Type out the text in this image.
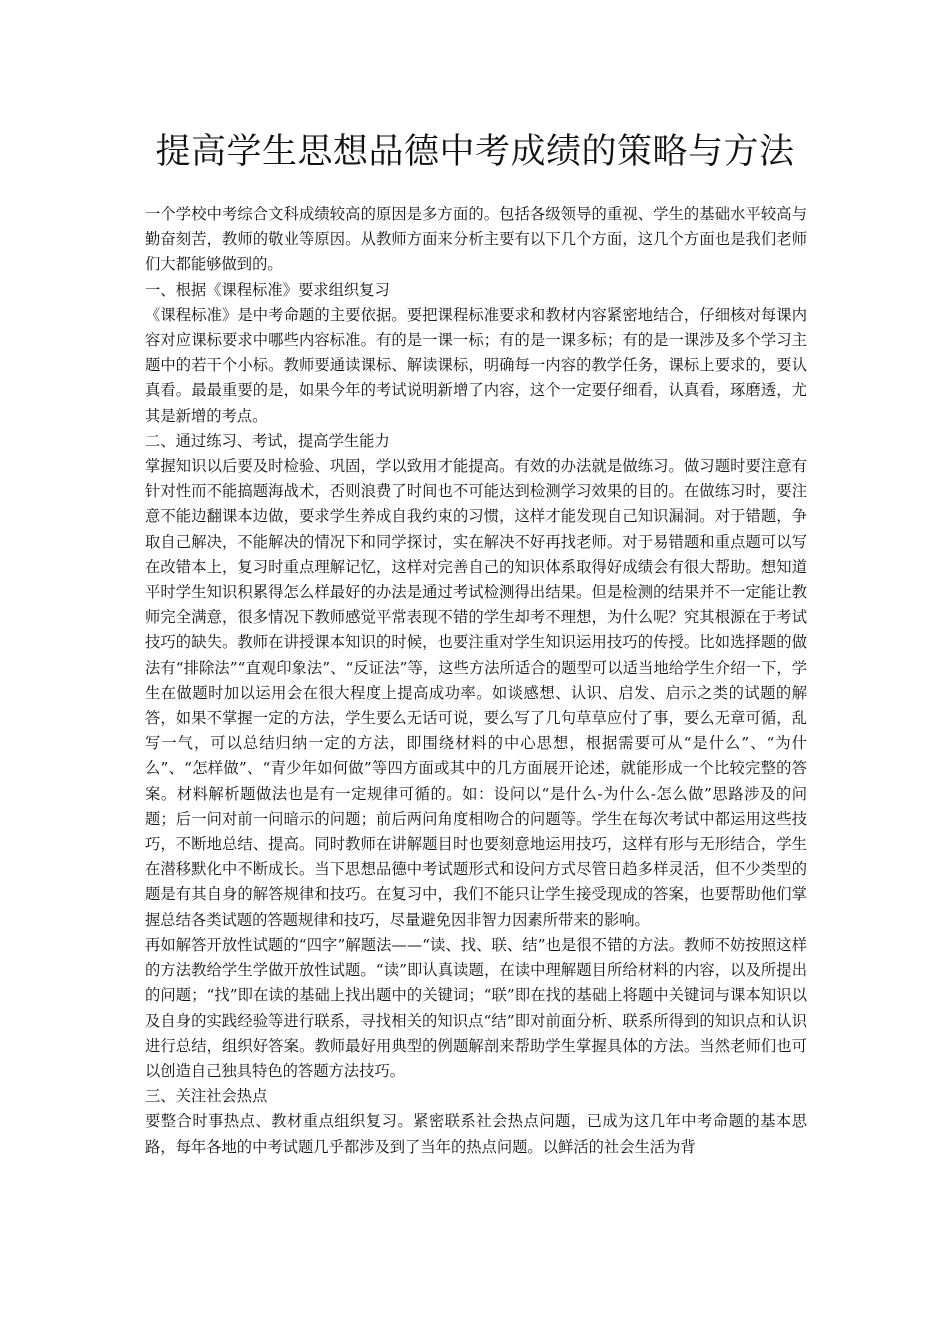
提高学生思想品德中考成绩的策略与方法

一个学校中考综合文科成绩较高的原因是多方面的。包括各级领导的重视、学生的基础水平较高与勤奋刻苦，教师的敬业等原因。从教师方面来分析主要有以下几个方面，这几个方面也是我们老师们大都能够做到的。

一、根据《课程标准》要求组织复习

《课程标准》是中考命题的主要依据。要把课程标准要求和教材内容紧密地结合，仔细核对每课内容对应课标要求中哪些内容标准。有的是一课一标；有的是一课多标；有的是一课涉及多个学习主题中的若干个小标。教师要通读课标、解读课标，明确每一内容的教学任务，课标上要求的，要认真看。最最重要的是，如果今年的考试说明新增了内容，这个一定要仔细看，认真看，琢磨透，尤其是新增的考点。

二、通过练习、考试，提高学生能力

掌握知识以后要及时检验、巩固，学以致用才能提高。有效的办法就是做练习。做习题时要注意有针对性而不能搞题海战术，否则浪费了时间也不可能达到检测学习效果的目的。在做练习时，要注意不能边翻课本边做，要求学生养成自我约束的习惯，这样才能发现自己知识漏洞。对于错题，争取自己解决，不能解决的情况下和同学探讨，实在解决不好再找老师。对于易错题和重点题可以写在改错本上，复习时重点理解记忆，这样对完善自己的知识体系取得好成绩会有很大帮助。想知道平时学生知识积累得怎么样最好的办法是通过考试检测得出结果。但是检测的结果并不一定能让教师完全满意，很多情况下教师感觉平常表现不错的学生却考不理想，为什么呢？究其根源在于考试技巧的缺失。教师在讲授课本知识的时候，也要注重对学生知识运用技巧的传授。比如选择题的做法有“排除法”“直观印象法”、“反证法”等，这些方法所适合的题型可以适当地给学生介绍一下，学生在做题时加以运用会在很大程度上提高成功率。如谈感想、认识、启发、启示之类的试题的解答，如果不掌握一定的方法，学生要么无话可说，要么写了几句草草应付了事，要么无章可循，乱写一气，可以总结归纳一定的方法，即围绕材料的中心思想，根据需要可从“是什么”、“为什么”、“怎样做”、“青少年如何做”等四方面或其中的几方面展开论述，就能形成一个比较完整的答案。材料解析题做法也是有一定规律可循的。如：设问以“是什么-为什么-怎么做”思路涉及的问题；后一问对前一问暗示的问题；前后两问角度相吻合的问题等。学生在每次考试中都运用这些技巧，不断地总结、提高。同时教师在讲解题目时也要刻意地运用技巧，这样有形与无形结合，学生在潜移默化中不断成长。当下思想品德中考试题形式和设问方式尽管日趋多样灵活，但不少类型的题是有其自身的解答规律和技巧。在复习中，我们不能只让学生接受现成的答案，也要帮助他们掌握总结各类试题的答题规律和技巧，尽量避免因非智力因素所带来的影响。

再如解答开放性试题的“四字”解题法——“读、找、联、结”也是很不错的方法。教师不妨按照这样的方法教给学生学做开放性试题。“读”即认真读题，在读中理解题目所给材料的内容，以及所提出的问题；“找”即在读的基础上找出题中的关键词；“联”即在找的基础上将题中关键词与课本知识以及自身的实践经验等进行联系，寻找相关的知识点“结”即对前面分析、联系所得到的知识点和认识进行总结，组织好答案。教师最好用典型的例题解剖来帮助学生掌握具体的方法。当然老师们也可以创造自己独具特色的答题方法技巧。

三、关注社会热点

要整合时事热点、教材重点组织复习。紧密联系社会热点问题，已成为这几年中考命题的基本思路，每年各地的中考试题几乎都涉及到了当年的热点问题。以鲜活的社会生活为背
